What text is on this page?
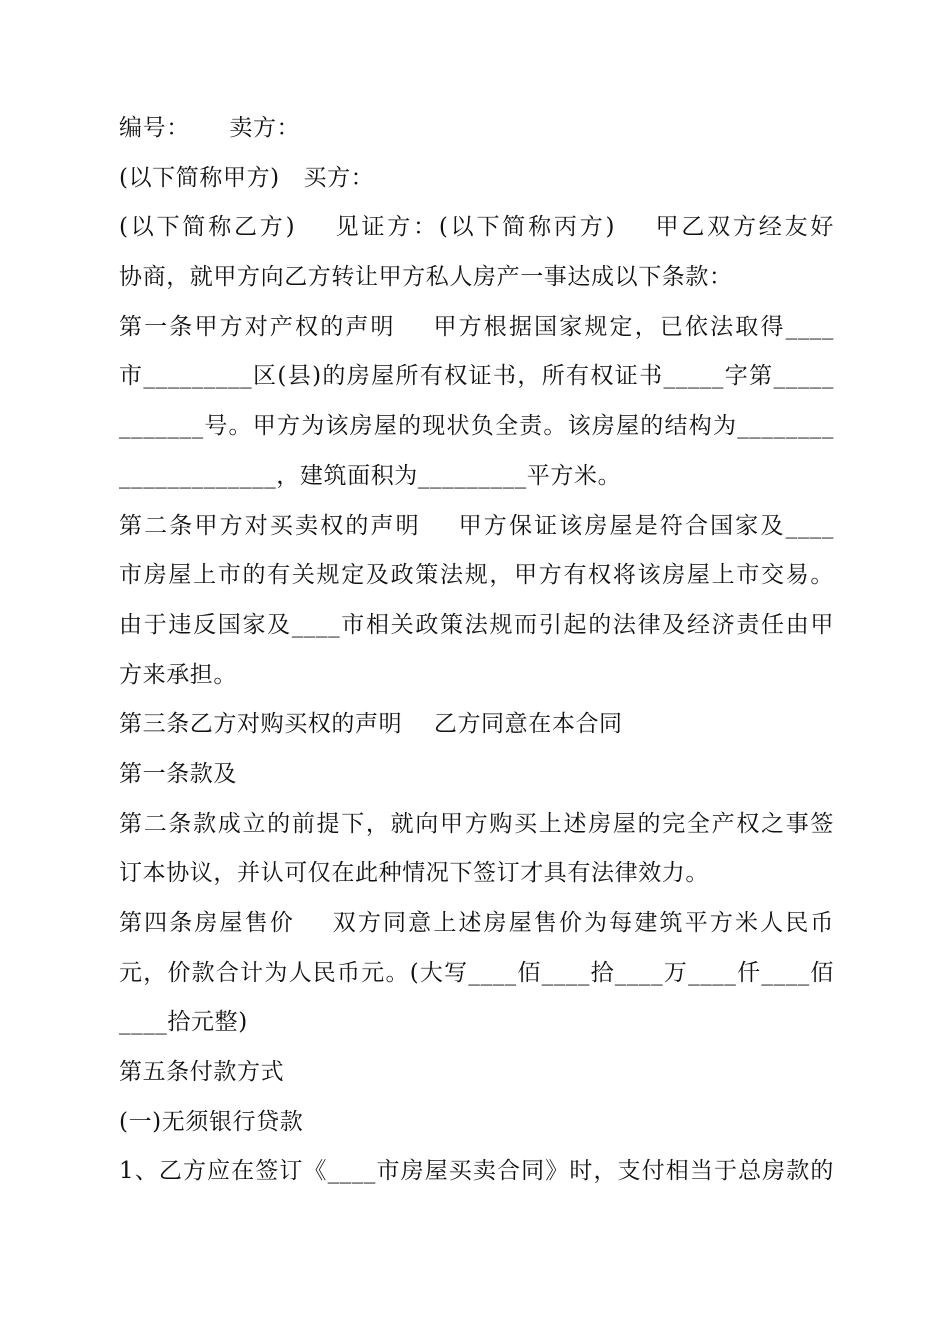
编号：     卖方：
(以下简称甲方)   买方：
(以下简称乙方)    见证方：(以下简称丙方)    甲乙双方经友好
协商，就甲方向乙方转让甲方私人房产一事达成以下条款：
第一条甲方对产权的声明    甲方根据国家规定，已依法取得____
市_________区(县)的房屋所有权证书，所有权证书_____字第_____
_______号。甲方为该房屋的现状负全责。该房屋的结构为________
_____________，建筑面积为_________平方米。
第二条甲方对买卖权的声明    甲方保证该房屋是符合国家及____
市房屋上市的有关规定及政策法规，甲方有权将该房屋上市交易。
由于违反国家及____市相关政策法规而引起的法律及经济责任由甲
方来承担。
第三条乙方对购买权的声明    乙方同意在本合同
第一条款及
第二条款成立的前提下，就向甲方购买上述房屋的完全产权之事签
订本协议，并认可仅在此种情况下签订才具有法律效力。
第四条房屋售价    双方同意上述房屋售价为每建筑平方米人民币
元，价款合计为人民币元。(大写____佰____拾____万____仟____佰
____拾元整)
第五条付款方式
(一)无须银行贷款
1、乙方应在签订《____市房屋买卖合同》时，支付相当于总房款的
